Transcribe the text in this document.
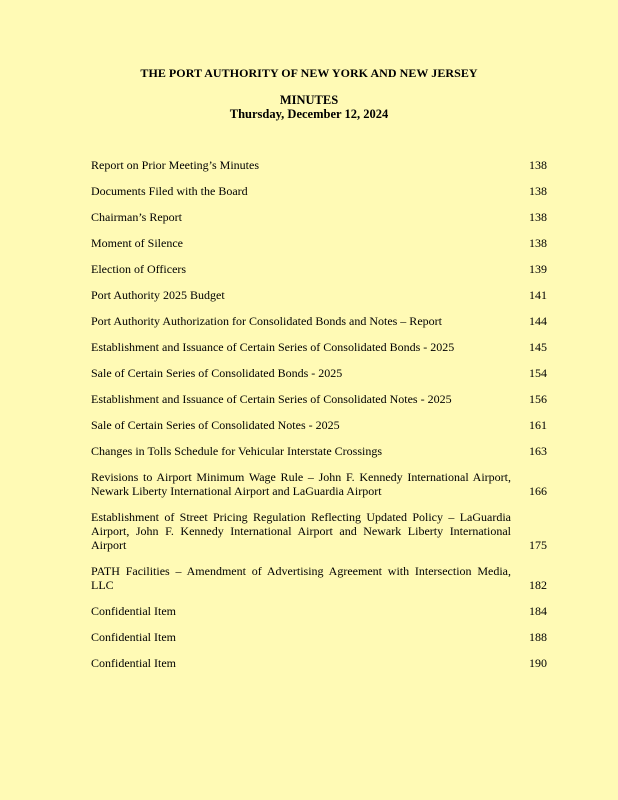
THE PORT AUTHORITY OF NEW YORK AND NEW JERSEY
MINUTES
Thursday, December 12, 2024
Report on Prior Meeting’s Minutes	138
Documents Filed with the Board	138
Chairman’s Report	138
Moment of Silence	138
Election of Officers	139
Port Authority 2025 Budget	141
Port Authority Authorization for Consolidated Bonds and Notes – Report	144
Establishment and Issuance of Certain Series of Consolidated Bonds - 2025	145
Sale of Certain Series of Consolidated Bonds - 2025	154
Establishment and Issuance of Certain Series of Consolidated Notes - 2025	156
Sale of Certain Series of Consolidated Notes - 2025	161
Changes in Tolls Schedule for Vehicular Interstate Crossings	163
Revisions to Airport Minimum Wage Rule – John F. Kennedy International Airport, Newark Liberty International Airport and LaGuardia Airport	166
Establishment of Street Pricing Regulation Reflecting Updated Policy – LaGuardia Airport, John F. Kennedy International Airport and Newark Liberty International Airport	175
PATH Facilities – Amendment of Advertising Agreement with Intersection Media, LLC	182
Confidential Item	184
Confidential Item	188
Confidential Item	190
